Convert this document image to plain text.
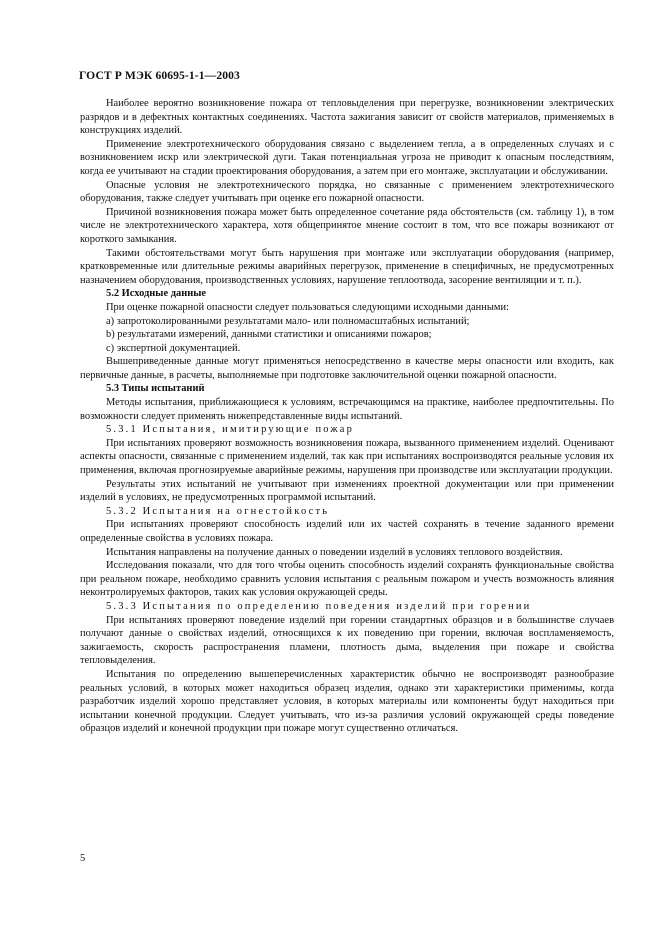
ГОСТ Р МЭК 60695-1-1—2003

Наиболее вероятно возникновение пожара от тепловыделения при перегрузке, возникновении электрических разрядов и в дефектных контактных соединениях. Частота зажигания зависит от свойств материалов, применяемых в конструкциях изделий.

Применение электротехнического оборудования связано с выделением тепла, а в определенных случаях и с возникновением искр или электрической дуги. Такая потенциальная угроза не приводит к опасным последствиям, когда ее учитывают на стадии проектирования оборудования, а затем при его монтаже, эксплуатации и обслуживании.

Опасные условия не электротехнического порядка, но связанные с применением электротехнического оборудования, также следует учитывать при оценке его пожарной опасности.

Причиной возникновения пожара может быть определенное сочетание ряда обстоятельств (см. таблицу 1), в том числе не электротехнического характера, хотя общепринятое мнение состоит в том, что все пожары возникают от короткого замыкания.

Такими обстоятельствами могут быть нарушения при монтаже или эксплуатации оборудования (например, кратковременные или длительные режимы аварийных перегрузок, применение в специфичных, не предусмотренных назначением оборудования, производственных условиях, нарушение теплоотвода, засорение вентиляции и т. п.).

5.2 Исходные данные

При оценке пожарной опасности следует пользоваться следующими исходными данными:

a) запротоколированными результатами мало- или полномасштабных испытаний;

b) результатами измерений, данными статистики и описаниями пожаров;

c) экспертной документацией.

Вышеприведенные данные могут применяться непосредственно в качестве меры опасности или входить, как первичные данные, в расчеты, выполняемые при подготовке заключительной оценки пожарной опасности.

5.3 Типы испытаний

Методы испытания, приближающиеся к условиям, встречающимся на практике, наиболее предпочтительны. По возможности следует применять нижепредставленные виды испытаний.

5.3.1 Испытания, имитирующие пожар

При испытаниях проверяют возможность возникновения пожара, вызванного применением изделий. Оценивают аспекты опасности, связанные с применением изделий, так как при испытаниях воспроизводятся реальные условия их применения, включая прогнозируемые аварийные режимы, нарушения при производстве или эксплуатации продукции.

Результаты этих испытаний не учитывают при изменениях проектной документации или при применении изделий в условиях, не предусмотренных программой испытаний.

5.3.2 Испытания на огнестойкость

При испытаниях проверяют способность изделий или их частей сохранять в течение заданного времени определенные свойства в условиях пожара.

Испытания направлены на получение данных о поведении изделий в условиях теплового воздействия.

Исследования показали, что для того чтобы оценить способность изделий сохранять функциональные свойства при реальном пожаре, необходимо сравнить условия испытания с реальным пожаром и учесть возможность влияния неконтролируемых факторов, таких как условия окружающей среды.

5.3.3 Испытания по определению поведения изделий при горении

При испытаниях проверяют поведение изделий при горении стандартных образцов и в большинстве случаев получают данные о свойствах изделий, относящихся к их поведению при горении, включая воспламеняемость, зажигаемость, скорость распространения пламени, плотность дыма, выделения при пожаре и свойства тепловыделения.

Испытания по определению вышеперечисленных характеристик обычно не воспроизводят разнообразие реальных условий, в которых может находиться образец изделия, однако эти характеристики применимы, когда разработчик изделий хорошо представляет условия, в которых материалы или компоненты будут находиться при испытании конечной продукции. Следует учитывать, что из-за различия условий окружающей среды поведение образцов изделий и конечной продукции при пожаре могут существенно отличаться.

5
